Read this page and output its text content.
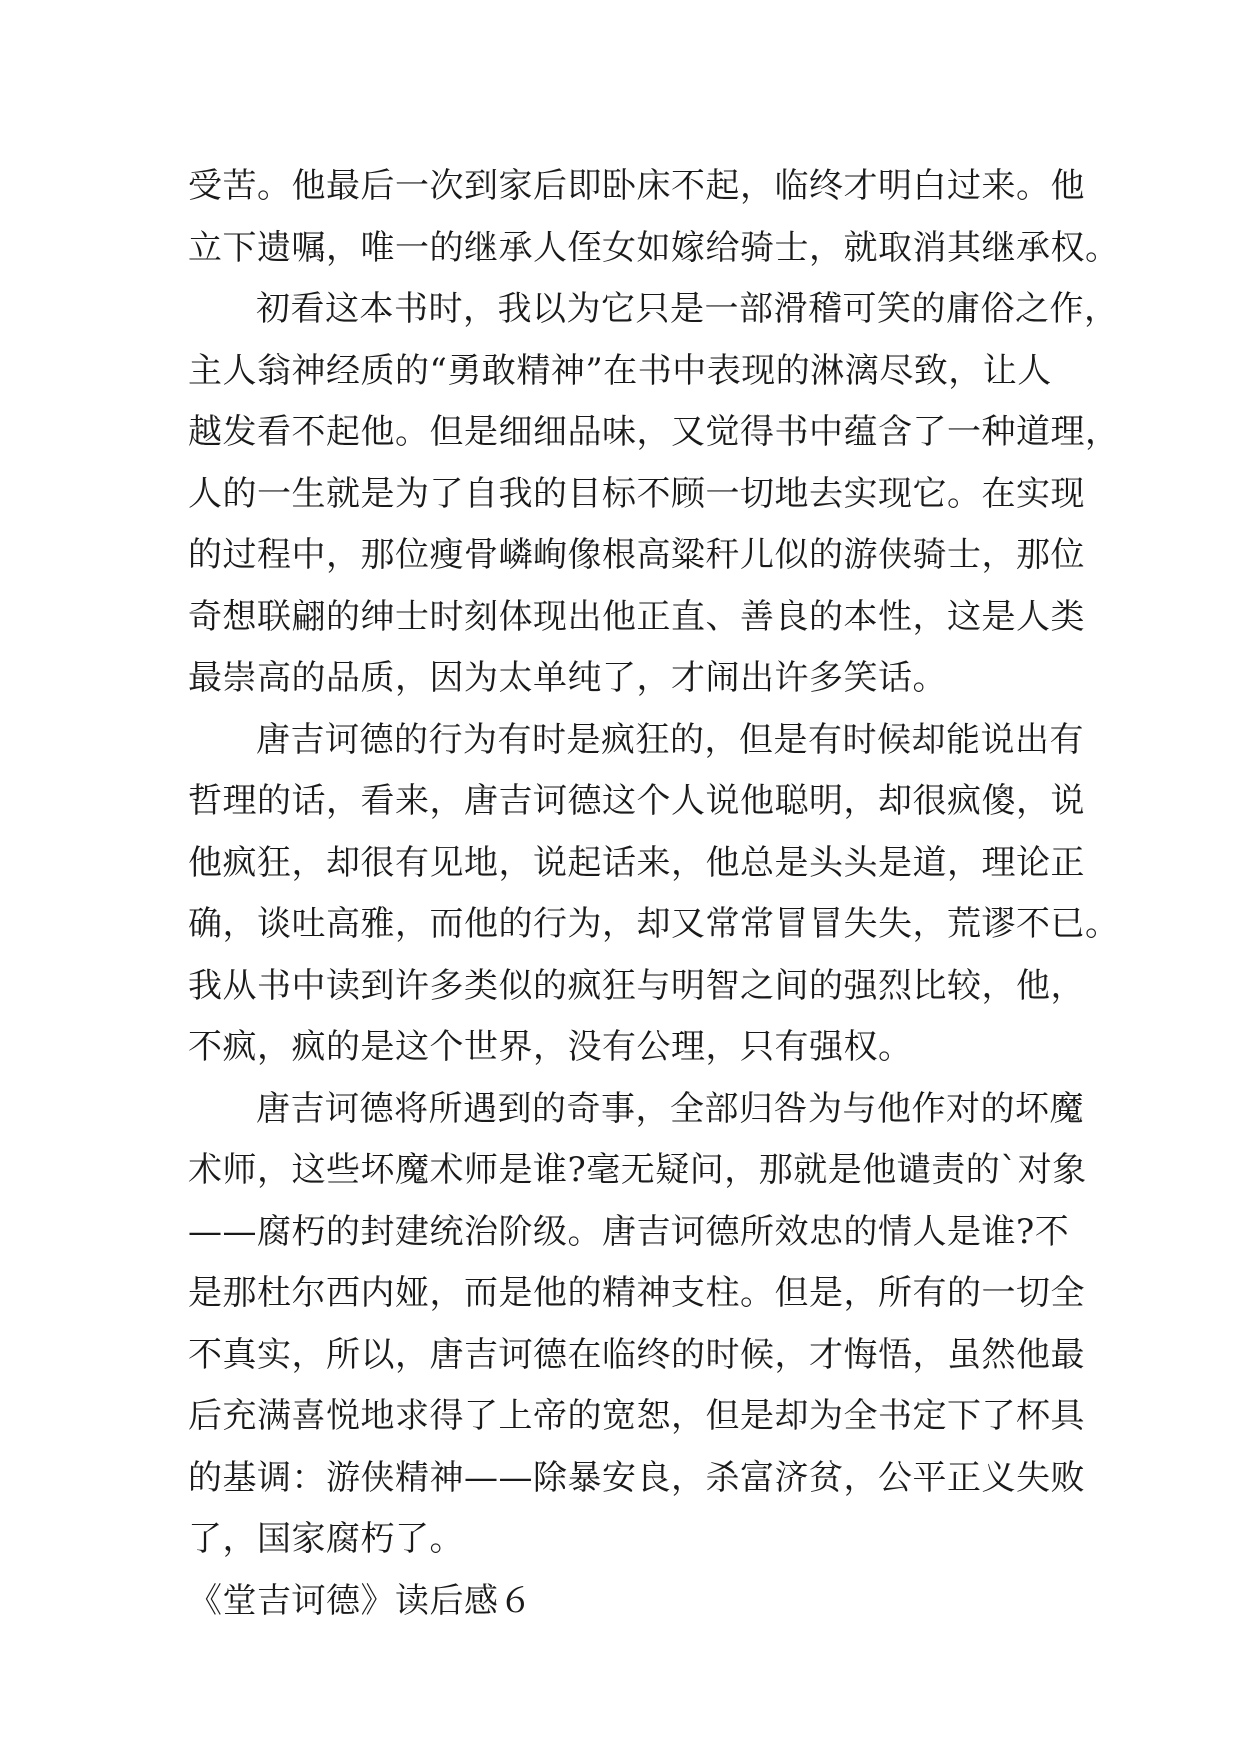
受苦。他最后一次到家后即卧床不起，临终才明白过来。他
立下遗嘱，唯一的继承人侄女如嫁给骑士，就取消其继承权。
初看这本书时，我以为它只是一部滑稽可笑的庸俗之作，
主人翁神经质的“勇敢精神”在书中表现的淋漓尽致，让人
越发看不起他。但是细细品味，又觉得书中蕴含了一种道理，
人的一生就是为了自我的目标不顾一切地去实现它。在实现
的过程中，那位瘦骨嶙峋像根高粱秆儿似的游侠骑士，那位
奇想联翩的绅士时刻体现出他正直、善良的本性，这是人类
最崇高的品质，因为太单纯了，才闹出许多笑话。
唐吉诃德的行为有时是疯狂的，但是有时候却能说出有
哲理的话，看来，唐吉诃德这个人说他聪明，却很疯傻，说
他疯狂，却很有见地，说起话来，他总是头头是道，理论正
确，谈吐高雅，而他的行为，却又常常冒冒失失，荒谬不已。
我从书中读到许多类似的疯狂与明智之间的强烈比较，他，
不疯，疯的是这个世界，没有公理，只有强权。
唐吉诃德将所遇到的奇事，全部归咎为与他作对的坏魔
术师，这些坏魔术师是谁?毫无疑问，那就是他谴责的`对象
——腐朽的封建统治阶级。唐吉诃德所效忠的情人是谁?不
是那杜尔西内娅，而是他的精神支柱。但是，所有的一切全
不真实，所以，唐吉诃德在临终的时候，才悔悟，虽然他最
后充满喜悦地求得了上帝的宽恕，但是却为全书定下了杯具
的基调：游侠精神——除暴安良，杀富济贫，公平正义失败
了，国家腐朽了。
《堂吉诃德》读后感６
